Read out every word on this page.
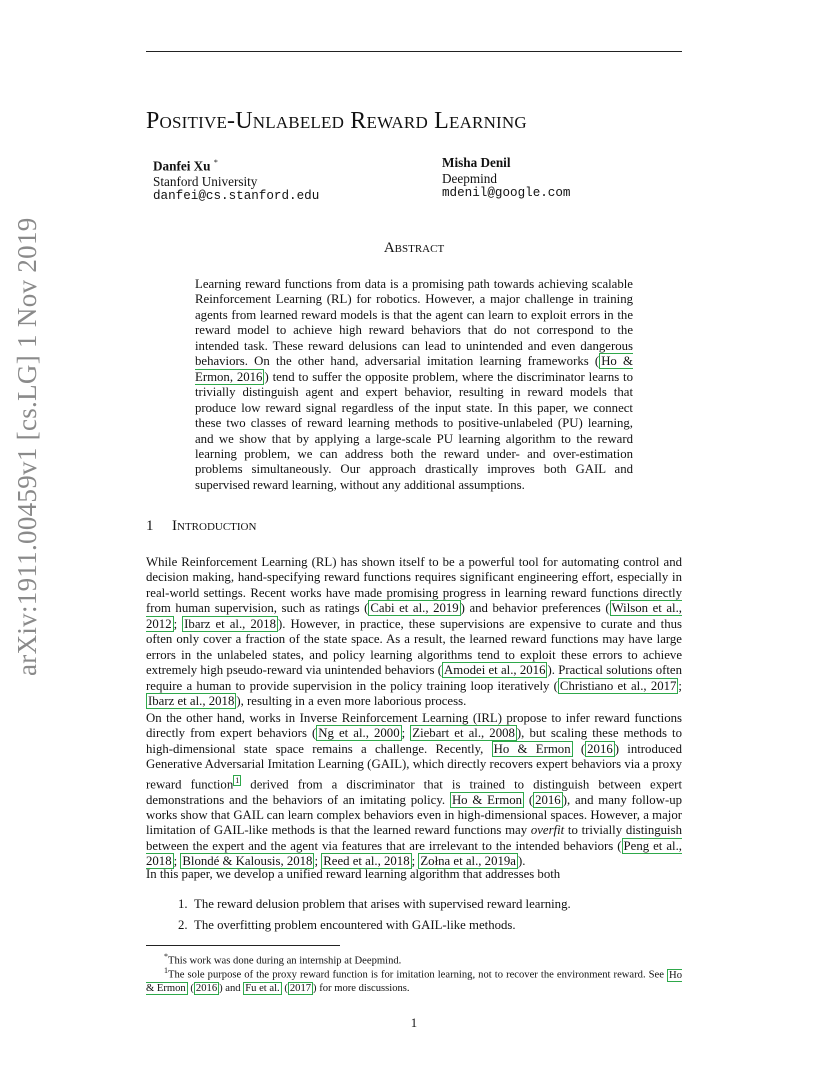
arXiv:1911.00459v1 [cs.LG] 1 Nov 2019
Positive-Unlabeled Reward Learning
Danfei Xu *
Stanford University
danfei@cs.stanford.edu
Misha Denil
Deepmind
mdenil@google.com
Abstract
Learning reward functions from data is a promising path towards achieving scalable Reinforcement Learning (RL) for robotics. However, a major challenge in training agents from learned reward models is that the agent can learn to exploit errors in the reward model to achieve high reward behaviors that do not correspond to the intended task. These reward delusions can lead to unintended and even dangerous behaviors. On the other hand, adversarial imitation learning frameworks ( Ho & Ermon, 2016 ) tend to suffer the opposite problem, where the discriminator learns to trivially distinguish agent and expert behavior, resulting in reward models that produce low reward signal regardless of the input state. In this paper, we connect these two classes of reward learning methods to positive-unlabeled (PU) learning, and we show that by applying a large-scale PU learning algorithm to the reward learning problem, we can address both the reward under- and over-estimation problems simultaneously. Our approach drastically improves both GAIL and supervised reward learning, without any additional assumptions.
1 Introduction
While Reinforcement Learning (RL) has shown itself to be a powerful tool for automating control and decision making, hand-specifying reward functions requires significant engineering effort, especially in real-world settings. Recent works have made promising progress in learning reward functions directly from human supervision, such as ratings ( Cabi et al., 2019 ) and behavior preferences ( Wilson et al., 2012 ; Ibarz et al., 2018 ). However, in practice, these supervisions are expensive to curate and thus often only cover a fraction of the state space. As a result, the learned reward functions may have large errors in the unlabeled states, and policy learning algorithms tend to exploit these errors to achieve extremely high pseudo-reward via unintended behaviors ( Amodei et al., 2016 ). Practical solutions often require a human to provide supervision in the policy training loop iteratively ( Christiano et al., 2017 ; Ibarz et al., 2018 ), resulting in a even more laborious process.
On the other hand, works in Inverse Reinforcement Learning (IRL) propose to infer reward functions directly from expert behaviors ( Ng et al., 2000 ; Ziebart et al., 2008 ), but scaling these methods to high-dimensional state space remains a challenge. Recently, Ho & Ermon ( 2016 ) introduced Generative Adversarial Imitation Learning (GAIL), which directly recovers expert behaviors via a proxy reward function $^1$ derived from a discriminator that is trained to distinguish between expert demonstrations and the behaviors of an imitating policy. Ho & Ermon ( 2016 ), and many follow-up works show that GAIL can learn complex behaviors even in high-dimensional spaces. However, a major limitation of GAIL-like methods is that the learned reward functions may overfit to trivially distinguish between the expert and the agent via features that are irrelevant to the intended behaviors ( Peng et al., 2018 ; Blondé & Kalousis, 2018 ; Reed et al., 2018 ; Zołna et al., 2019a ).
In this paper, we develop a unified reward learning algorithm that addresses both
1. The reward delusion problem that arises with supervised reward learning.
2. The overfitting problem encountered with GAIL-like methods.
*This work was done during an internship at Deepmind.
$^1$The sole purpose of the proxy reward function is for imitation learning, not to recover the environment reward. See Ho & Ermon ( 2016 ) and Fu et al. ( 2017 ) for more discussions.
1
